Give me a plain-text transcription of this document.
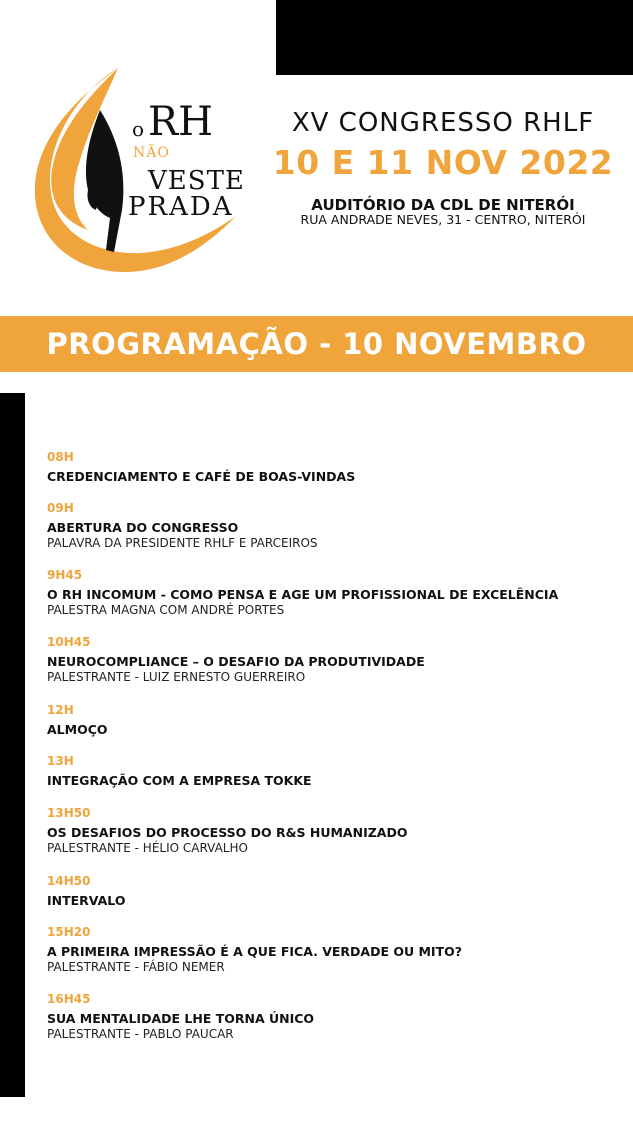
o RH
NÃO
VESTE
PRADA
XV CONGRESSO RHLF
10 E 11 NOV 2022
AUDITÓRIO DA CDL DE NITERÓI
RUA ANDRADE NEVES, 31 - CENTRO, NITERÓI
PROGRAMAÇÃO - 10 NOVEMBRO
08H
CREDENCIAMENTO E CAFÉ DE BOAS-VINDAS
09H
ABERTURA DO CONGRESSO
PALAVRA DA PRESIDENTE RHLF E PARCEIROS
9H45
O RH INCOMUM - COMO PENSA E AGE UM PROFISSIONAL DE EXCELÊNCIA
PALESTRA MAGNA COM ANDRÉ PORTES
10H45
NEUROCOMPLIANCE – O DESAFIO DA PRODUTIVIDADE
PALESTRANTE - LUIZ ERNESTO GUERREIRO
12H
ALMOÇO
13H
INTEGRAÇÃO COM A EMPRESA TOKKE
13H50
OS DESAFIOS DO PROCESSO DO R&S HUMANIZADO
PALESTRANTE - HÉLIO CARVALHO
14H50
INTERVALO
15H20
A PRIMEIRA IMPRESSÃO É A QUE FICA. VERDADE OU MITO?
PALESTRANTE - FÁBIO NEMER
16H45
SUA MENTALIDADE LHE TORNA ÚNICO
PALESTRANTE - PABLO PAUCAR
